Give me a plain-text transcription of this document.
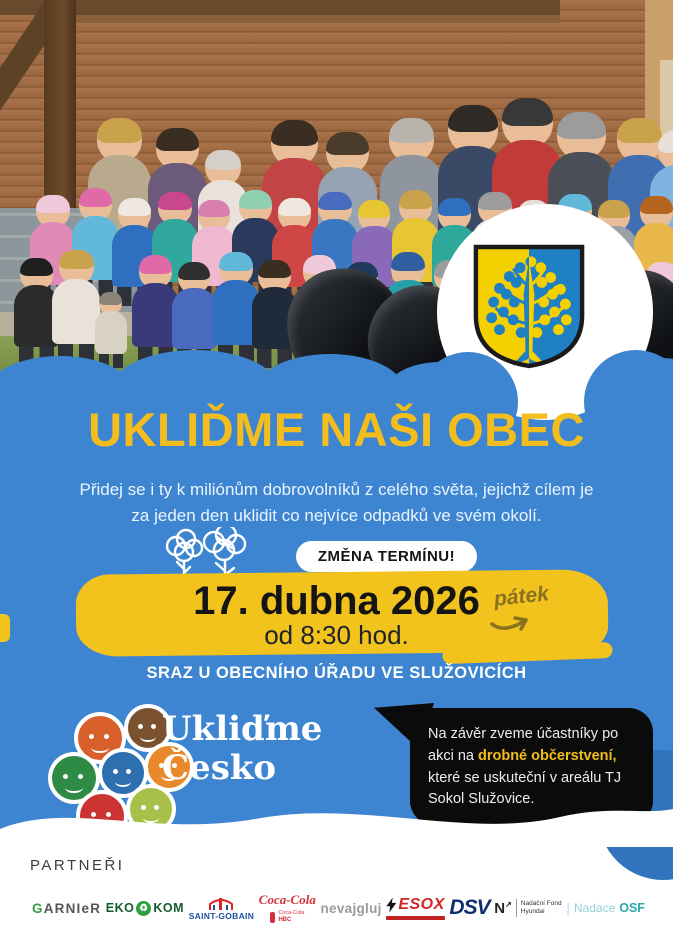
UKLIĎME NAŠI OBEC
Přidej se i ty k miliónům dobrovolníků z celého světa, jejichž cílem je
za jeden den uklidit co nejvíce odpadků ve svém okolí.
ZMĚNA TERMÍNU!
17. dubna 2026 pátek
od 8:30 hod.
SRAZ U OBECNÍHO ÚŘADU VE SLUŽOVICÍCH
Ukliďme
Česko
Na závěr zveme účastníky po akci na drobné občerstvení, které se uskuteční v areálu TJ Sokol Služovice.
PARTNEŘI
GARNIeR EKO ♻ KOM
SAINT-GOBAIN
Coca-Cola
Coca-Cola
HBC
nevajgluj ESOX DSV N↗ Nadační Fond
Hyundai	| Nadace OSF
